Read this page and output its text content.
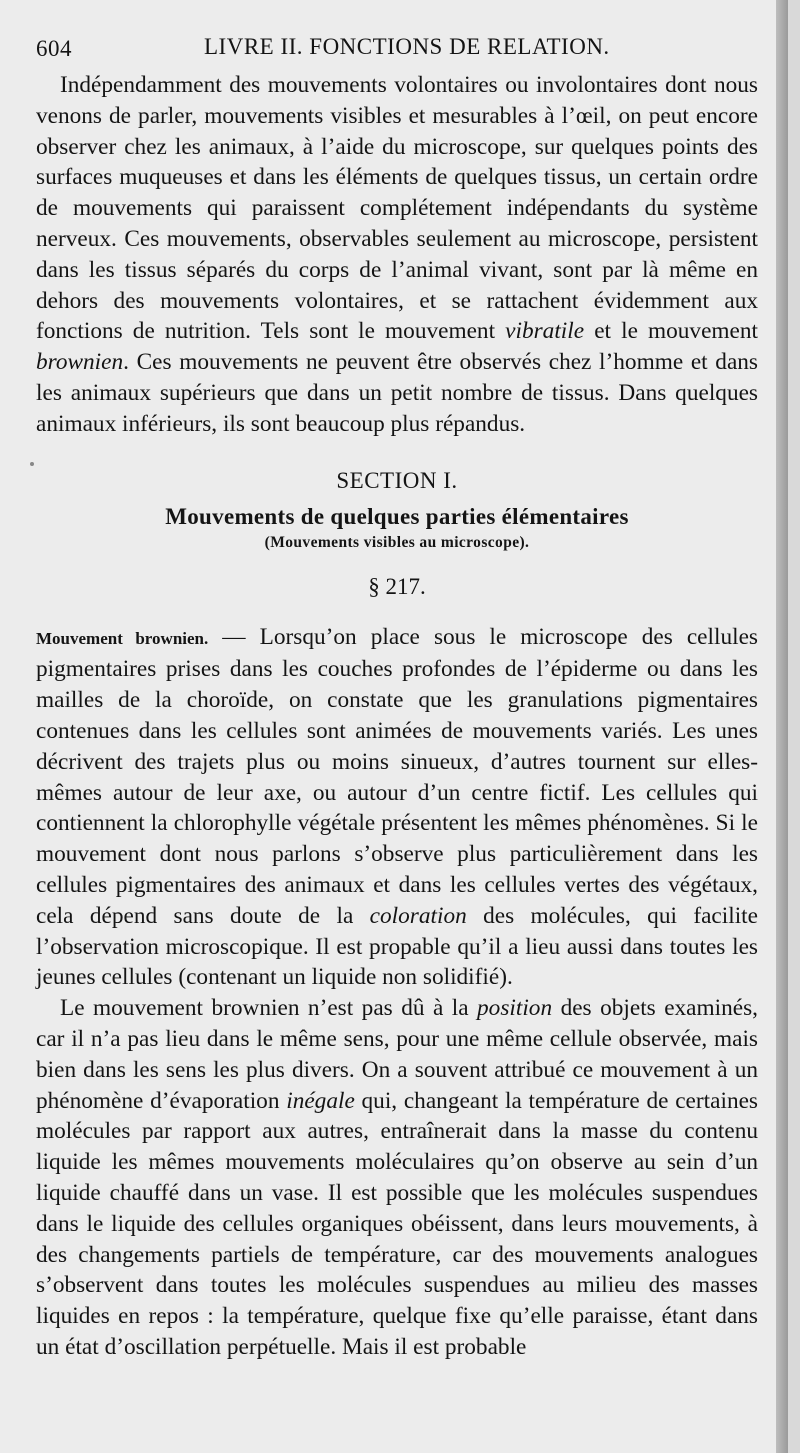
604	LIVRE II. FONCTIONS DE RELATION.

Indépendamment des mouvements volontaires ou involontaires dont nous venons de parler, mouvements visibles et mesurables à l’œil, on peut encore observer chez les animaux, à l’aide du microscope, sur quelques points des surfaces muqueuses et dans les éléments de quelques tissus, un certain ordre de mouvements qui paraissent complétement indépendants du système nerveux. Ces mouvements, observables seulement au microscope, persistent dans les tissus séparés du corps de l’animal vivant, sont par là même en dehors des mouvements volontaires, et se rattachent évidemment aux fonctions de nutrition. Tels sont le mouvement vibratile et le mouvement brownien. Ces mouvements ne peuvent être observés chez l’homme et dans les animaux supérieurs que dans un petit nombre de tissus. Dans quelques animaux inférieurs, ils sont beaucoup plus répandus.

SECTION I.
Mouvements de quelques parties élémentaires
(Mouvements visibles au microscope).
§ 217.

Mouvement brownien. — Lorsqu’on place sous le microscope des cellules pigmentaires prises dans les couches profondes de l’épiderme ou dans les mailles de la choroïde, on constate que les granulations pigmentaires contenues dans les cellules sont animées de mouvements variés. Les unes décrivent des trajets plus ou moins sinueux, d’autres tournent sur elles-mêmes autour de leur axe, ou autour d’un centre fictif. Les cellules qui contiennent la chlorophylle végétale présentent les mêmes phénomènes. Si le mouvement dont nous parlons s’observe plus particulièrement dans les cellules pigmentaires des animaux et dans les cellules vertes des végétaux, cela dépend sans doute de la coloration des molécules, qui facilite l’observation microscopique. Il est propable qu’il a lieu aussi dans toutes les jeunes cellules (contenant un liquide non solidifié).

Le mouvement brownien n’est pas dû à la position des objets examinés, car il n’a pas lieu dans le même sens, pour une même cellule observée, mais bien dans les sens les plus divers. On a souvent attribué ce mouvement à un phénomène d’évaporation inégale qui, changeant la température de certaines molécules par rapport aux autres, entraînerait dans la masse du contenu liquide les mêmes mouvements moléculaires qu’on observe au sein d’un liquide chauffé dans un vase. Il est possible que les molécules suspendues dans le liquide des cellules organiques obéissent, dans leurs mouvements, à des changements partiels de température, car des mouvements analogues s’observent dans toutes les molécules suspendues au milieu des masses liquides en repos : la température, quelque fixe qu’elle paraisse, étant dans un état d’oscillation perpétuelle. Mais il est probable
